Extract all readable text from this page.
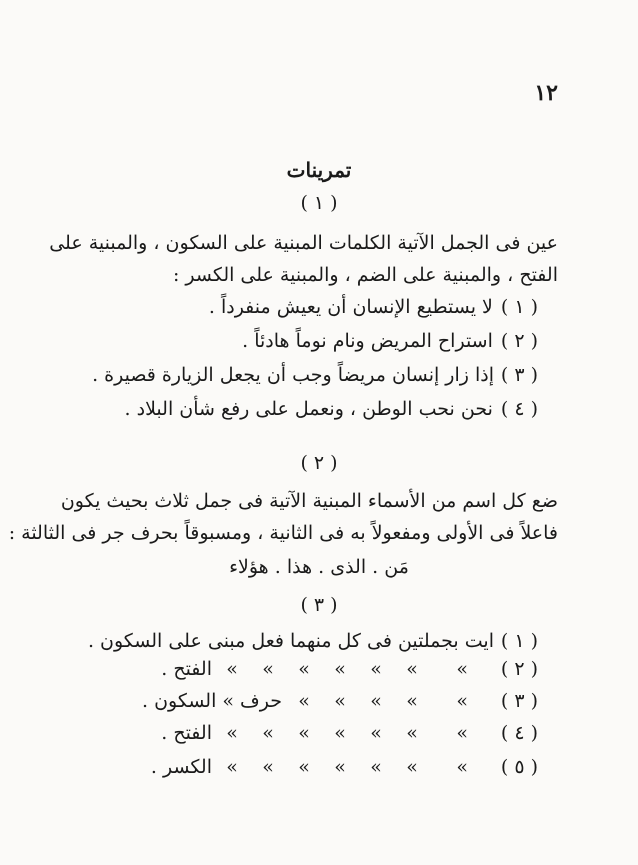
١٢
تمرينات
( ١ )
عين فى الجمل الآتية الكلمات المبنية على السكون ، والمبنية على
الفتح ، والمبنية على الضم ، والمبنية على الكسر :
( ١ )
لا يستطيع الإنسان أن يعيش منفرداً .
( ٢ )
استراح المريض ونام نوماً هادئاً .
( ٣ )
إذا زار إنسان مريضاً وجب أن يجعل الزيارة قصيرة .
( ٤ )
نحن نحب الوطن ، ونعمل على رفع شأن البلاد .
( ٢ )
ضع كل اسم من الأسماء المبنية الآتية فى جمل ثلاث بحيث يكون
فاعلاً فى الأولى ومفعولاً به فى الثانية ، ومسبوقاً بحرف جر فى الثالثة :
مَن . الذى . هذا . هؤلاء
( ٣ )
( ١ )
ايت بجملتين فى كل منهما فعل مبنى على السكون .
( ٢ )
»
»
»
»
»
»
»
الفتح .
( ٣ )
»
»
»
»
»
حرف » السكون .
( ٤ )
»
»
»
»
»
»
»
الفتح .
( ٥ )
»
»
»
»
»
»
»
الكسر .
